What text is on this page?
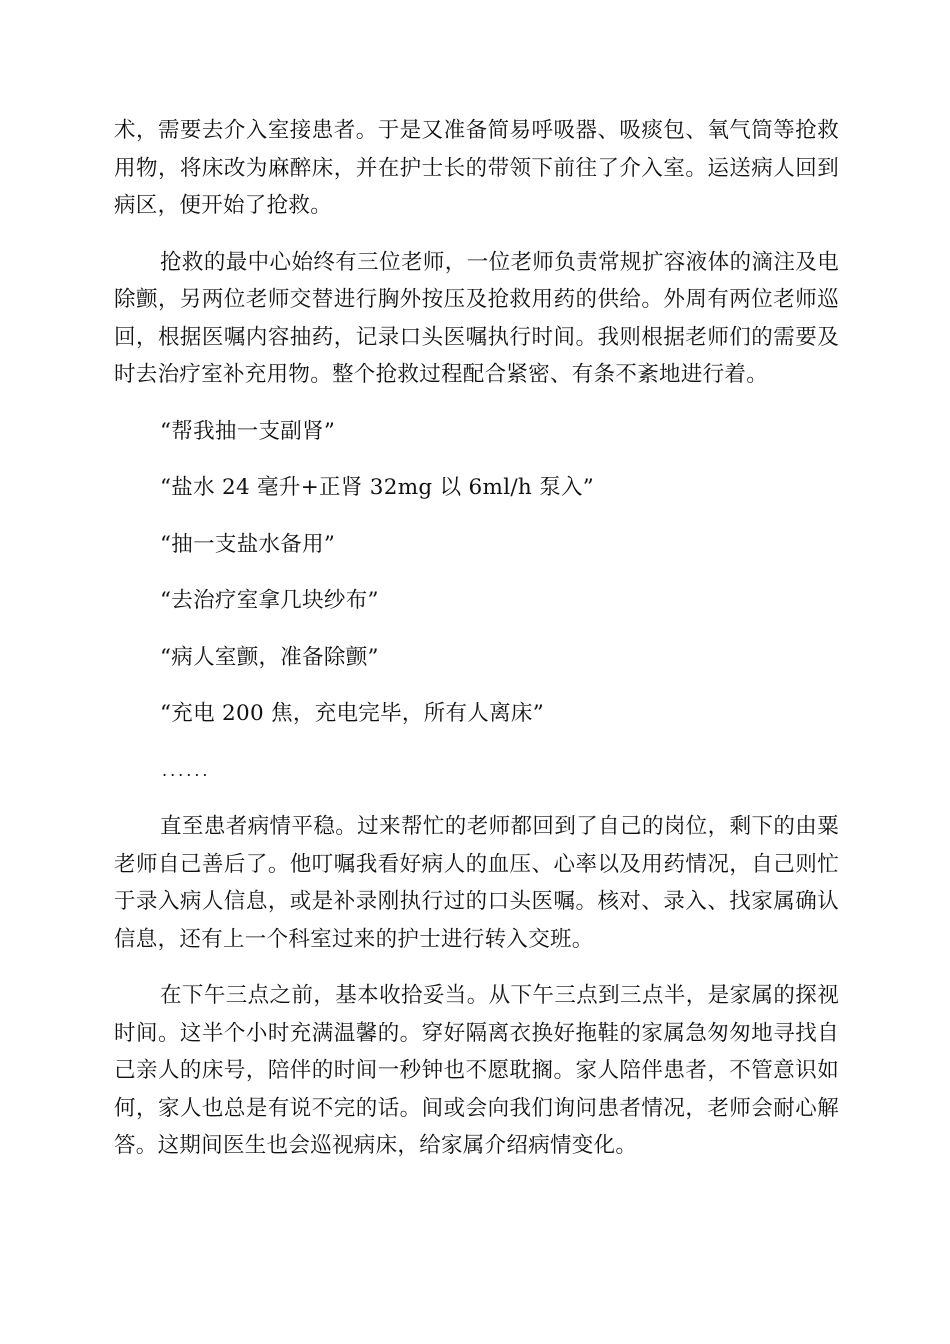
术，需要去介入室接患者。于是又准备简易呼吸器、吸痰包、氧气筒等抢救用物，将床改为麻醉床，并在护士长的带领下前往了介入室。运送病人回到病区，便开始了抢救。

抢救的最中心始终有三位老师，一位老师负责常规扩容液体的滴注及电除颤，另两位老师交替进行胸外按压及抢救用药的供给。外周有两位老师巡回，根据医嘱内容抽药，记录口头医嘱执行时间。我则根据老师们的需要及时去治疗室补充用物。整个抢救过程配合紧密、有条不紊地进行着。

“帮我抽一支副肾”

“盐水 24 毫升+正肾 32mg 以 6ml/h 泵入”

“抽一支盐水备用”

“去治疗室拿几块纱布”

“病人室颤，准备除颤”

“充电 200 焦，充电完毕，所有人离床”

......

直至患者病情平稳。过来帮忙的老师都回到了自己的岗位，剩下的由粟老师自己善后了。他叮嘱我看好病人的血压、心率以及用药情况，自己则忙于录入病人信息，或是补录刚执行过的口头医嘱。核对、录入、找家属确认信息，还有上一个科室过来的护士进行转入交班。

在下午三点之前，基本收拾妥当。从下午三点到三点半，是家属的探视时间。这半个小时充满温馨的。穿好隔离衣换好拖鞋的家属急匆匆地寻找自己亲人的床号，陪伴的时间一秒钟也不愿耽搁。家人陪伴患者，不管意识如何，家人也总是有说不完的话。间或会向我们询问患者情况，老师会耐心解答。这期间医生也会巡视病床，给家属介绍病情变化。
